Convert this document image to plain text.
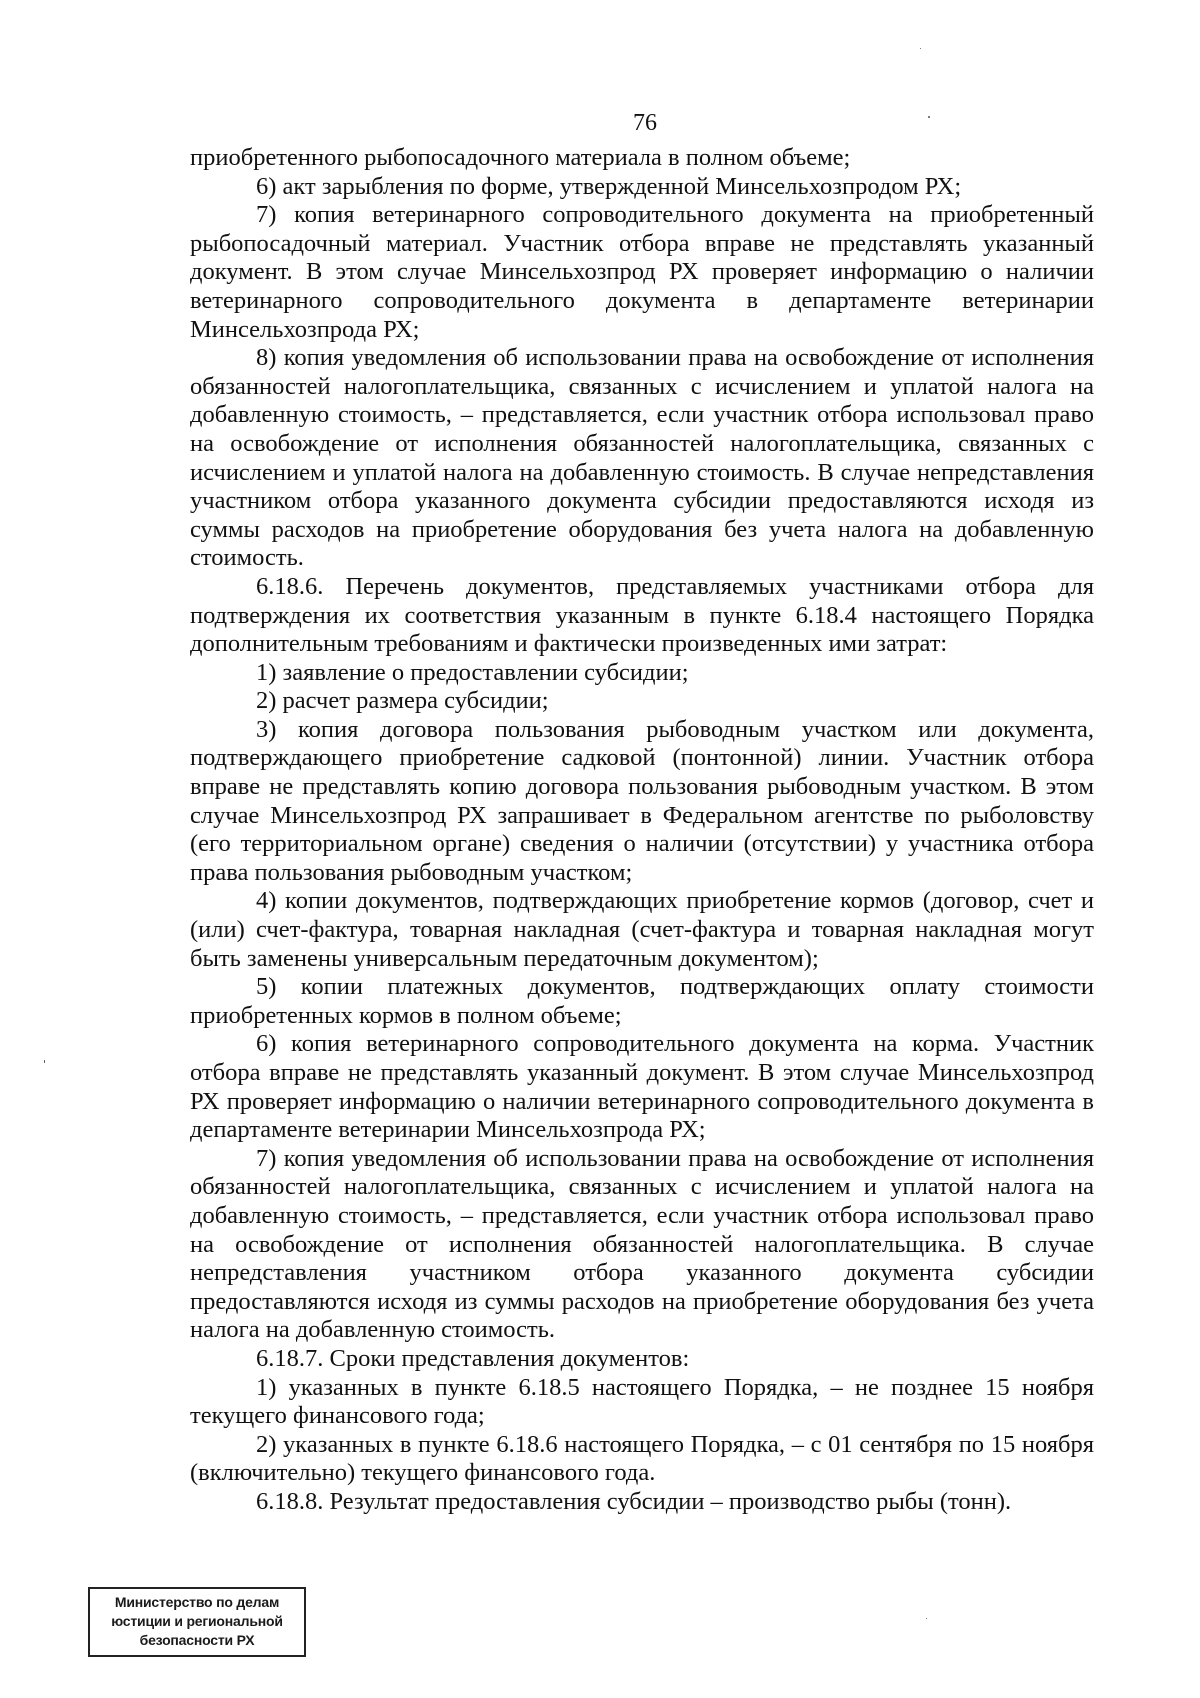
76

приобретенного рыбопосадочного материала в полном объеме;

6) акт зарыбления по форме, утвержденной Минсельхозпродом РХ;

7) копия ветеринарного сопроводительного документа на приобретенный рыбопосадочный материал. Участник отбора вправе не представлять указанный документ. В этом случае Минсельхозпрод РХ проверяет информацию о наличии ветеринарного сопроводительного документа в департаменте ветеринарии Минсельхозпрода РХ;

8) копия уведомления об использовании права на освобождение от исполнения обязанностей налогоплательщика, связанных с исчислением и уплатой налога на добавленную стоимость, – представляется, если участник отбора использовал право на освобождение от исполнения обязанностей налогоплательщика, связанных с исчислением и уплатой налога на добавленную стоимость. В случае непредставления участником отбора указанного документа субсидии предоставляются исходя из суммы расходов на приобретение оборудования без учета налога на добавленную стоимость.

6.18.6. Перечень документов, представляемых участниками отбора для подтверждения их соответствия указанным в пункте 6.18.4 настоящего Порядка дополнительным требованиям и фактически произведенных ими затрат:

1) заявление о предоставлении субсидии;

2) расчет размера субсидии;

3) копия договора пользования рыбоводным участком или документа, подтверждающего приобретение садковой (понтонной) линии. Участник отбора вправе не представлять копию договора пользования рыбоводным участком. В этом случае Минсельхозпрод РХ запрашивает в Федеральном агентстве по рыболовству (его территориальном органе) сведения о наличии (отсутствии) у участника отбора права пользования рыбоводным участком;

4) копии документов, подтверждающих приобретение кормов (договор, счет и (или) счет-фактура, товарная накладная (счет-фактура и товарная накладная могут быть заменены универсальным передаточным документом);

5) копии платежных документов, подтверждающих оплату стоимости приобретенных кормов в полном объеме;

6) копия ветеринарного сопроводительного документа на корма. Участник отбора вправе не представлять указанный документ. В этом случае Минсельхозпрод РХ проверяет информацию о наличии ветеринарного сопроводительного документа в департаменте ветеринарии Минсельхозпрода РХ;

7) копия уведомления об использовании права на освобождение от исполнения обязанностей налогоплательщика, связанных с исчислением и уплатой налога на добавленную стоимость, – представляется, если участник отбора использовал право на освобождение от исполнения обязанностей налогоплательщика. В случае непредставления участником отбора указанного документа субсидии предоставляются исходя из суммы расходов на приобретение оборудования без учета налога на добавленную стоимость.

6.18.7. Сроки представления документов:

1) указанных в пункте 6.18.5 настоящего Порядка, – не позднее 15 ноября текущего финансового года;

2) указанных в пункте 6.18.6 настоящего Порядка, – с 01 сентября по 15 ноября (включительно) текущего финансового года.

6.18.8. Результат предоставления субсидии – производство рыбы (тонн).

Министерство по делам
юстиции и региональной
безопасности РХ
